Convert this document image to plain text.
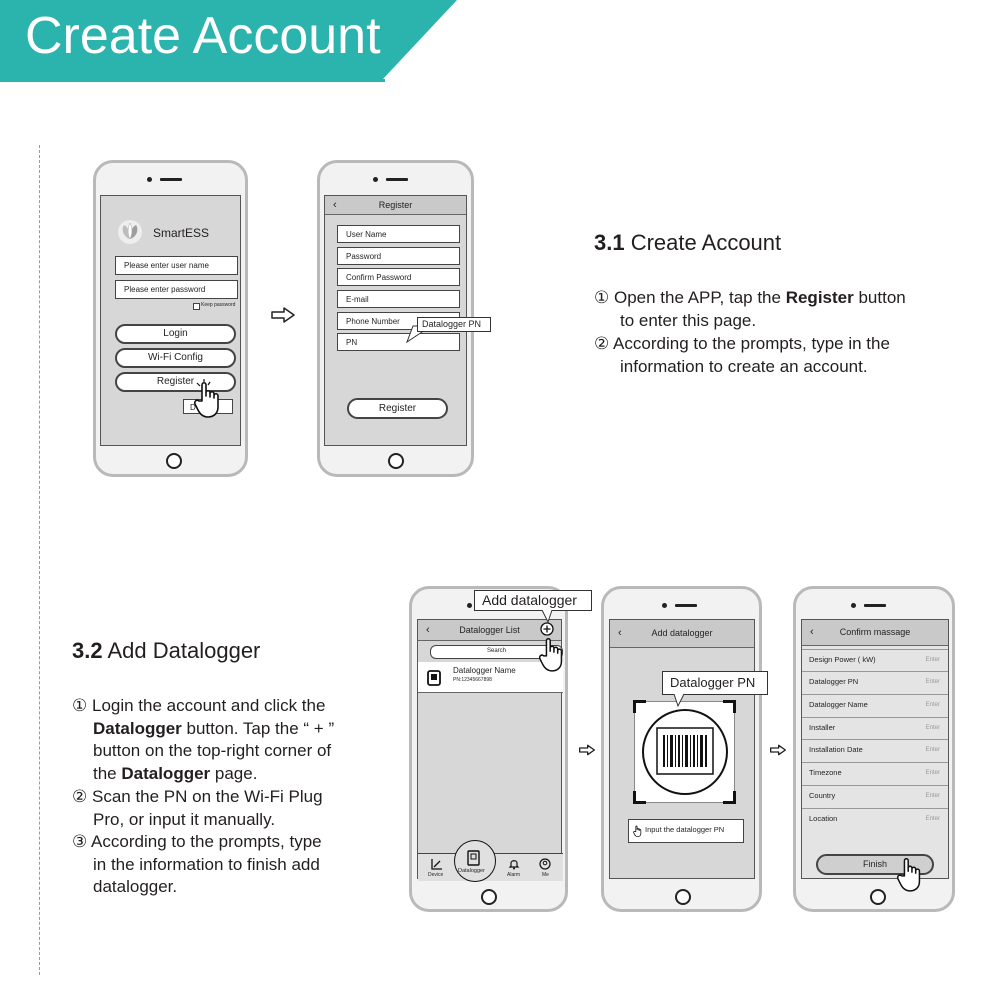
Create Account
SmartESS
Please enter user name
Please enter password
Keep password
Login
Wi-Fi Config
Register
D
‹	Register
User Name
Password
Confirm Password
E-mail
Phone Number
PN
Datalogger PN
Register
3.1 Create Account
① Open the APP, tap the Register button
to enter this page.
② According to the prompts, type in the
information to create an account.
3.2 Add Datalogger
① Login the account and click the
Datalogger button. Tap the “ + ”
button on the top-right corner of
the Datalogger page.
② Scan the PN on the Wi-Fi Plug
Pro, or input it manually.
③ According to the prompts, type
in the information to finish add
datalogger.
‹	Datalogger List
Search
Datalogger Name
PN:12345667898
Device	Alarm	Me
Datalogger
Add datalogger
‹	Add datalogger
Datalogger PN
Input the datalogger PN
‹	Confirm massage
Design Power ( kW)	Enter
Datalogger PN	Enter
Datalogger Name	Enter
Installer	Enter
Installation Date	Enter
Timezone	Enter
Country	Enter
Location	Enter
Finish
